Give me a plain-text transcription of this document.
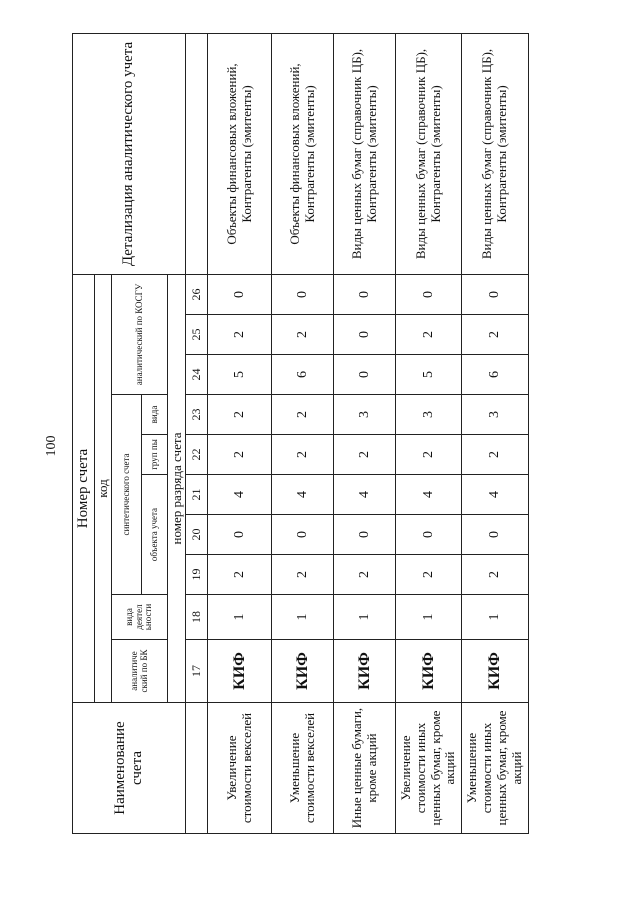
100
Наименование счета	Номер счета										Детализация аналитического учета
	код										
	аналитиче ский по БК	вида деятел ьности	синтетического счета					аналитический по КОСГУ			
			объекта учета			груп пы	вида				
	номер разряда счета										
	17	18	19	20	21	22	23	24	25	26	
Увеличение стоимости векселей	КИФ	1	2	0	4	2	2	5	2	0	Объекты финансовых вложений, Контрагенты (эмитенты)
Уменьшение стоимости векселей	КИФ	1	2	0	4	2	2	6	2	0	Объекты финансовых вложений, Контрагенты (эмитенты)
Иные ценные бумаги, кроме акций	КИФ	1	2	0	4	2	3	0	0	0	Виды ценных бумаг (справочник ЦБ), Контрагенты (эмитенты)
Увеличение стоимости иных ценных бумаг, кроме акций	КИФ	1	2	0	4	2	3	5	2	0	Виды ценных бумаг (справочник ЦБ), Контрагенты (эмитенты)
Уменьшение стоимости иных ценных бумаг, кроме акций	КИФ	1	2	0	4	2	3	6	2	0	Виды ценных бумаг (справочник ЦБ), Контрагенты (эмитенты)
